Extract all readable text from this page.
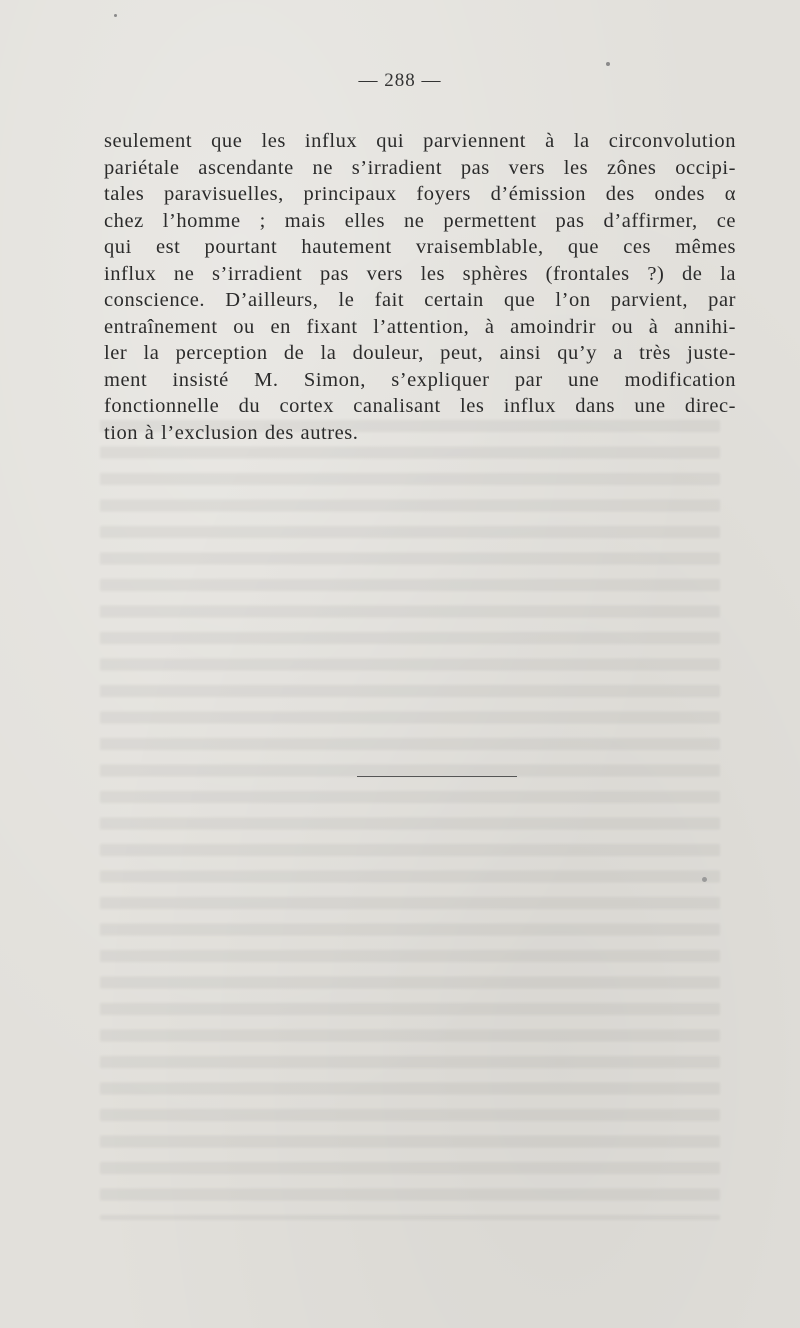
— 288 —
seulement que les influx qui parviennent à la circonvolution
pariétale ascendante ne s’irradient pas vers les zônes occipi-
tales paravisuelles, principaux foyers d’émission des ondes α
chez l’homme ; mais elles ne permettent pas d’affirmer, ce
qui est pourtant hautement vraisemblable, que ces mêmes
influx ne s’irradient pas vers les sphères (frontales ?) de la
conscience. D’ailleurs, le fait certain que l’on parvient, par
entraînement ou en fixant l’attention, à amoindrir ou à annihi-
ler la perception de la douleur, peut, ainsi qu’y a très juste-
ment insisté M. Simon, s’expliquer par une modification
fonctionnelle du cortex canalisant les influx dans une direc-
tion à l’exclusion des autres.
